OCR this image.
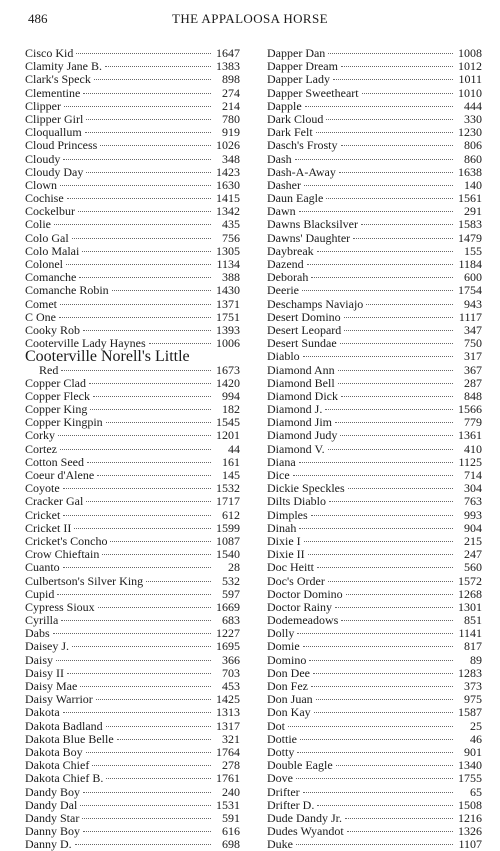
486	THE APPALOOSA HORSE
Cisco Kid	1647
Clamity Jane B.	1383
Clark's Speck	898
Clementine	274
Clipper	214
Clipper Girl	780
Cloquallum	919
Cloud Princess	1026
Cloudy	348
Cloudy Day	1423
Clown	1630
Cochise	1415
Cockelbur	1342
Colie	435
Colo Gal	756
Colo Malai	1305
Colonel	1134
Comanche	388
Comanche Robin	1430
Comet	1371
C One	1751
Cooky Rob	1393
Cooterville Lady Haynes	1006
Cooterville Norell's Little
Red	1673
Copper Clad	1420
Copper Fleck	994
Copper King	182
Copper Kingpin	1545
Corky	1201
Cortez	44
Cotton Seed	161
Coeur d'Alene	145
Coyote	1532
Cracker Gal	1717
Cricket	612
Cricket II	1599
Cricket's Concho	1087
Crow Chieftain	1540
Cuanto	28
Culbertson's Silver King	532
Cupid	597
Cypress Sioux	1669
Cyrilla	683
Dabs	1227
Daisey J.	1695
Daisy	366
Daisy II	703
Daisy Mae	453
Daisy Warrior	1425
Dakota	1313
Dakota Badland	1317
Dakota Blue Belle	321
Dakota Boy	1764
Dakota Chief	278
Dakota Chief B.	1761
Dandy Boy	240
Dandy Dal	1531
Dandy Star	591
Danny Boy	616
Danny D.	698
Dapper Dan	1008
Dapper Dream	1012
Dapper Lady	1011
Dapper Sweetheart	1010
Dapple	444
Dark Cloud	330
Dark Felt	1230
Dasch's Frosty	806
Dash	860
Dash-A-Away	1638
Dasher	140
Daun Eagle	1561
Dawn	291
Dawns Blacksilver	1583
Dawns' Daughter	1479
Daybreak	155
Dazend	1184
Deborah	600
Deerie	1754
Deschamps Naviajo	943
Desert Domino	1117
Desert Leopard	347
Desert Sundae	750
Diablo	317
Diamond Ann	367
Diamond Bell	287
Diamond Dick	848
Diamond J.	1566
Diamond Jim	779
Diamond Judy	1361
Diamond V.	410
Diana	1125
Dice	714
Dickie Speckles	304
Dilts Diablo	763
Dimples	993
Dinah	904
Dixie I	215
Dixie II	247
Doc Heitt	560
Doc's Order	1572
Doctor Domino	1268
Doctor Rainy	1301
Dodemeadows	851
Dolly	1141
Domie	817
Domino	89
Don Dee	1283
Don Fez	373
Don Juan	975
Don Kay	1587
Dot	25
Dottie	46
Dotty	901
Double Eagle	1340
Dove	1755
Drifter	65
Drifter D.	1508
Dude Dandy Jr.	1216
Dudes Wyandot	1326
Duke	1107
